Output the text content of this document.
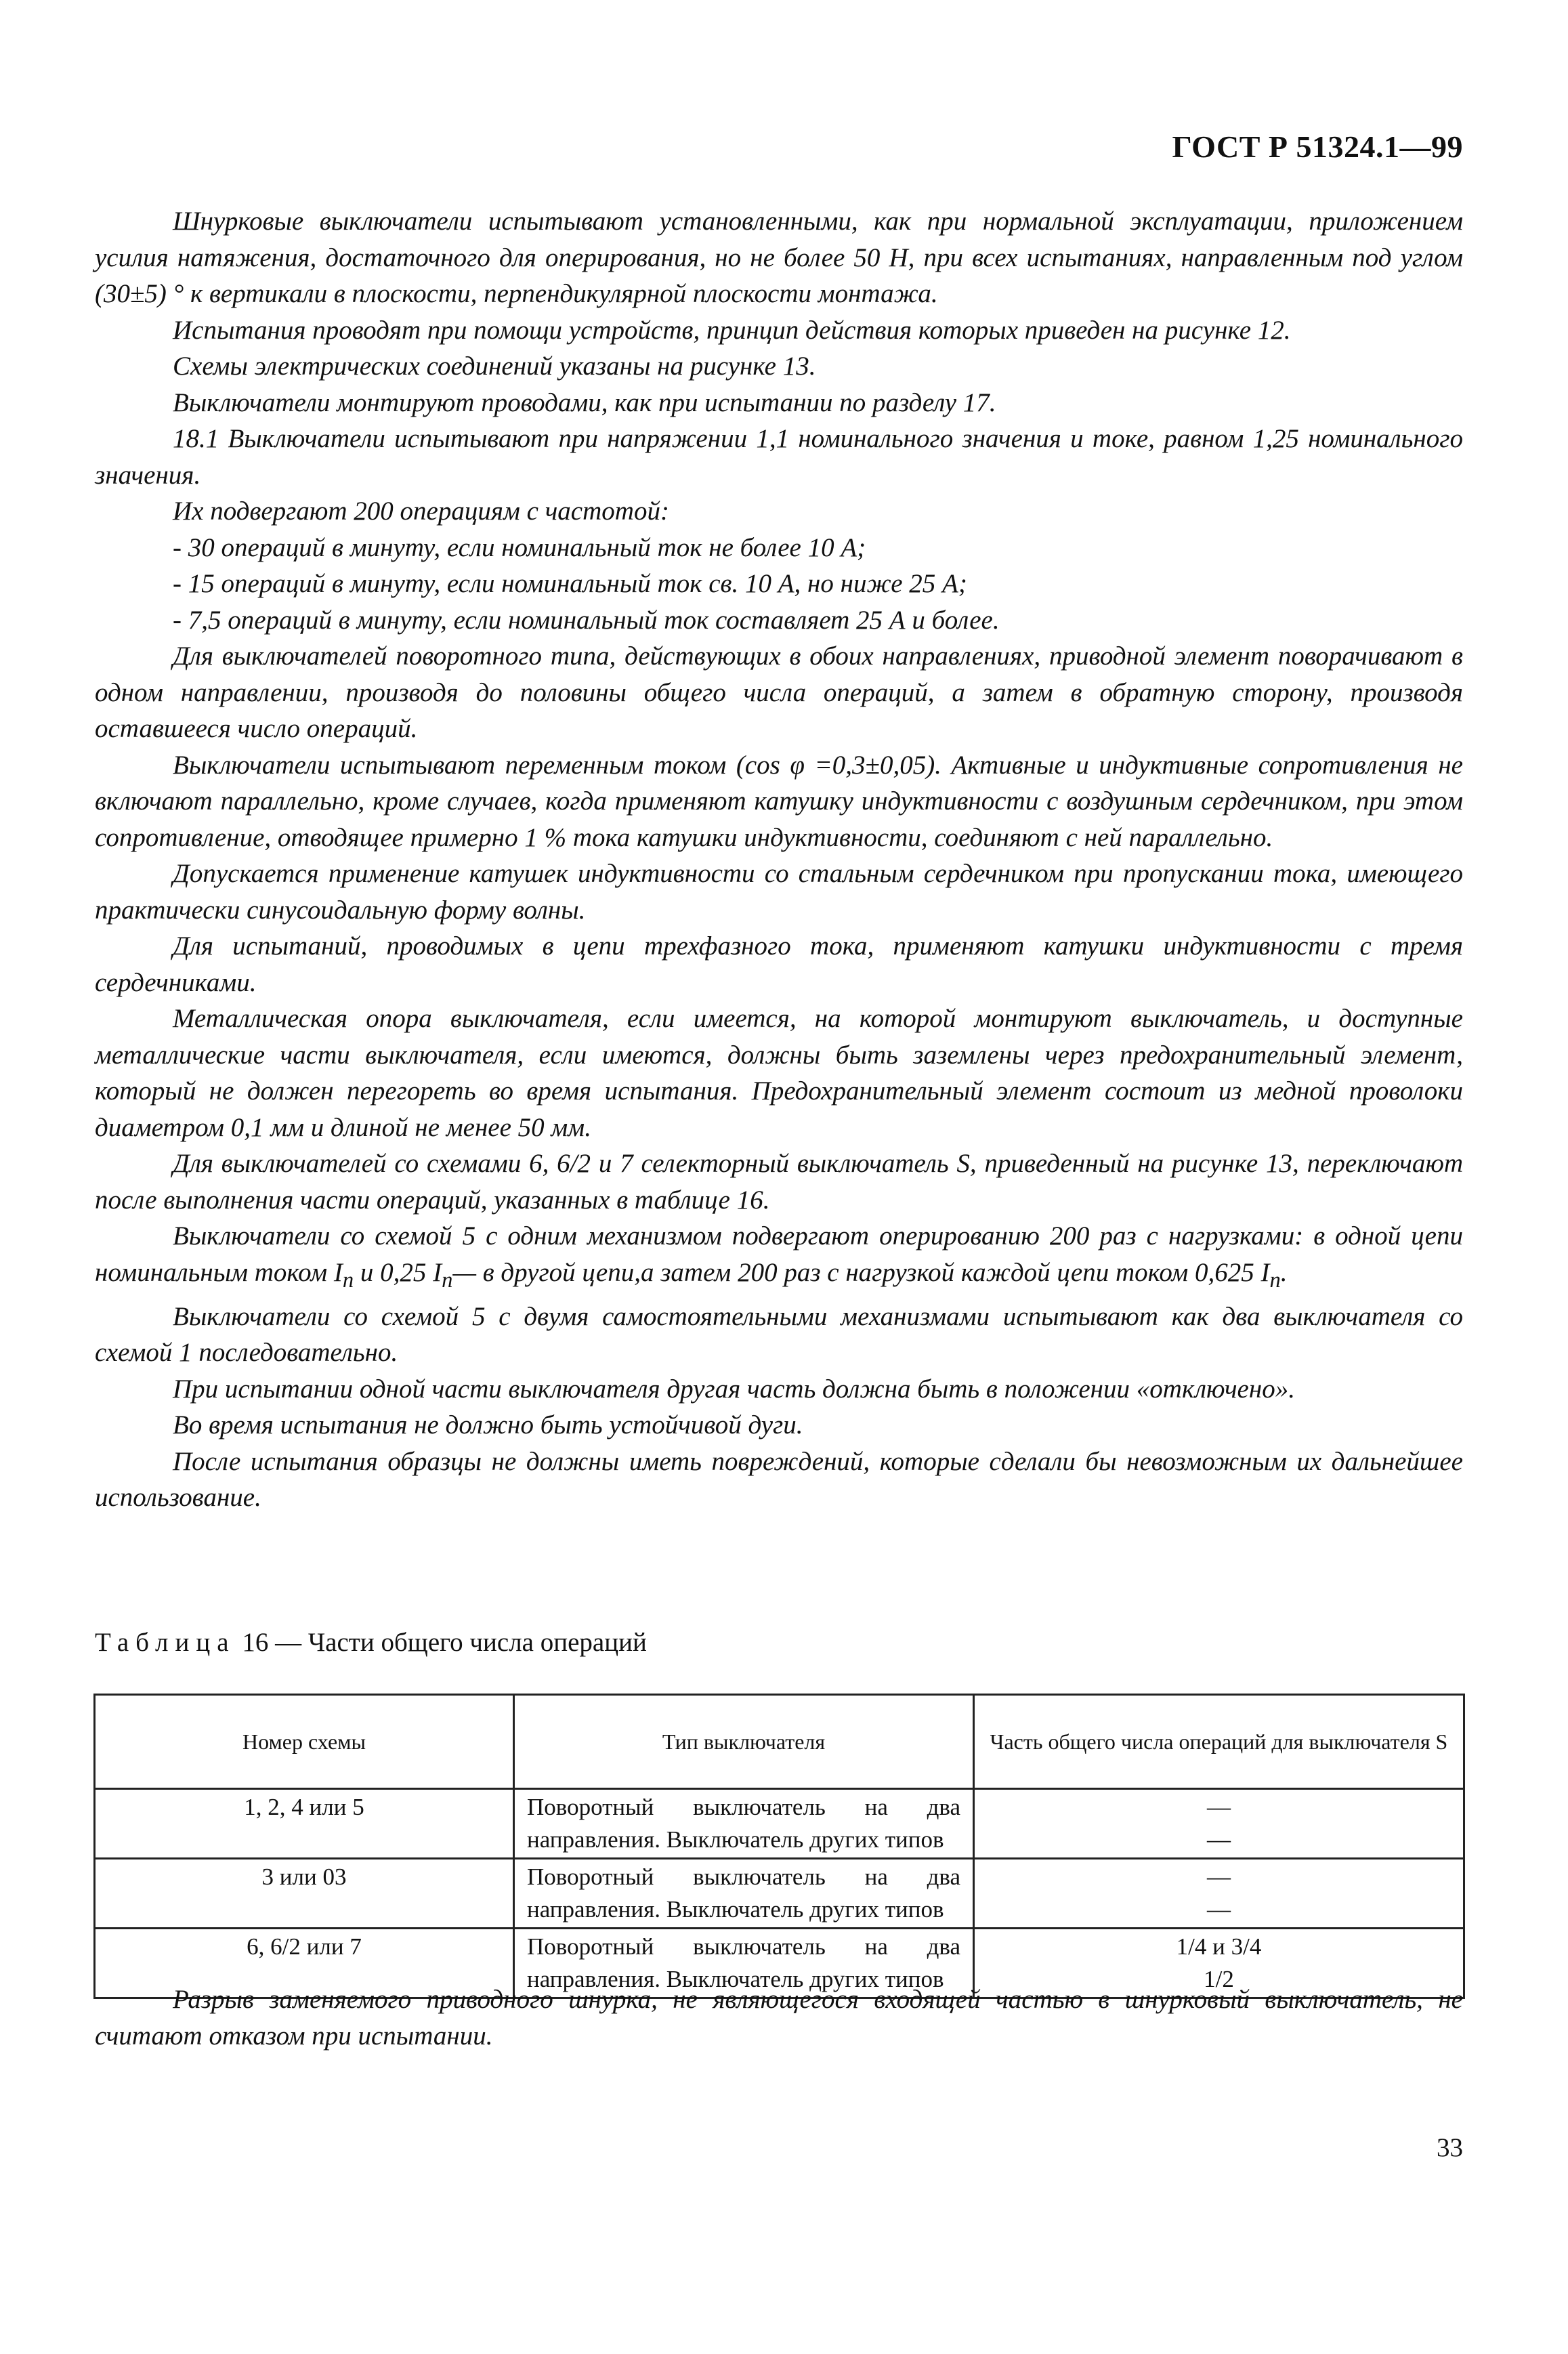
ГОСТ Р 51324.1—99

Шнурковые выключатели испытывают установленными, как при нормальной эксплуатации, приложением усилия натяжения, достаточного для оперирования, но не более 50 Н, при всех испытаниях, направленным под углом (30±5) ° к вертикали в плоскости, перпендикулярной плоскости монтажа.

Испытания проводят при помощи устройств, принцип действия которых приведен на рисунке 12.

Схемы электрических соединений указаны на рисунке 13.

Выключатели монтируют проводами, как при испытании по разделу 17.

18.1 Выключатели испытывают при напряжении 1,1 номинального значения и токе, равном 1,25 номинального значения.

Их подвергают 200 операциям с частотой:

- 30 операций в минуту, если номинальный ток не более 10 А;

- 15 операций в минуту, если номинальный ток св. 10 А, но ниже 25 А;

- 7,5 операций в минуту, если номинальный ток составляет 25 А и более.

Для выключателей поворотного типа, действующих в обоих направлениях, приводной элемент поворачивают в одном направлении, производя до половины общего числа операций, а затем в обратную сторону, производя оставшееся число операций.

Выключатели испытывают переменным током (cos φ =0,3±0,05). Активные и индуктивные сопротивления не включают параллельно, кроме случаев, когда применяют катушку индуктивности с воздушным сердечником, при этом сопротивление, отводящее примерно 1 % тока катушки индуктивности, соединяют с ней параллельно.

Допускается применение катушек индуктивности со стальным сердечником при пропускании тока, имеющего практически синусоидальную форму волны.

Для испытаний, проводимых в цепи трехфазного тока, применяют катушки индуктивности с тремя сердечниками.

Металлическая опора выключателя, если имеется, на которой монтируют выключатель, и доступные металлические части выключателя, если имеются, должны быть заземлены через предохранительный элемент, который не должен перегореть во время испытания. Предохранительный элемент состоит из медной проволоки диаметром 0,1 мм и длиной не менее 50 мм.

Для выключателей со схемами 6, 6/2 и 7 селекторный выключатель S, приведенный на рисунке 13, переключают после выполнения части операций, указанных в таблице 16.

Выключатели со схемой 5 с одним механизмом подвергают оперированию 200 раз с нагрузками: в одной цепи номинальным током $I_n$ и 0,25 $I_n—$ в другой цепи,а затем 200 раз с нагрузкой каждой цепи током 0,625 $I_n$.

Выключатели со схемой 5 с двумя самостоятельными механизмами испытывают как два выключателя со схемой 1 последовательно.

При испытании одной части выключателя другая часть должна быть в положении «отключено».

Во время испытания не должно быть устойчивой дуги.

После испытания образцы не должны иметь повреждений, которые сделали бы невозможным их дальнейшее использование.

Таблица 16 — Части общего числа операций
Номер схемы	Тип выключателя	Часть общего числа операций для выключателя S
1, 2, 4 или 5	Поворотный выключатель на два направления. Выключатель других типов	—
—

3 или 03	Поворотный выключатель на два направления. Выключатель других типов	—
—

6, 6/2 или 7	Поворотный выключатель на два направления. Выключатель других типов	1/4 и 3/4
1/2

Разрыв заменяемого приводного шнурка, не являющегося входящей частью в шнурковый выключатель, не считают отказом при испытании.

33
